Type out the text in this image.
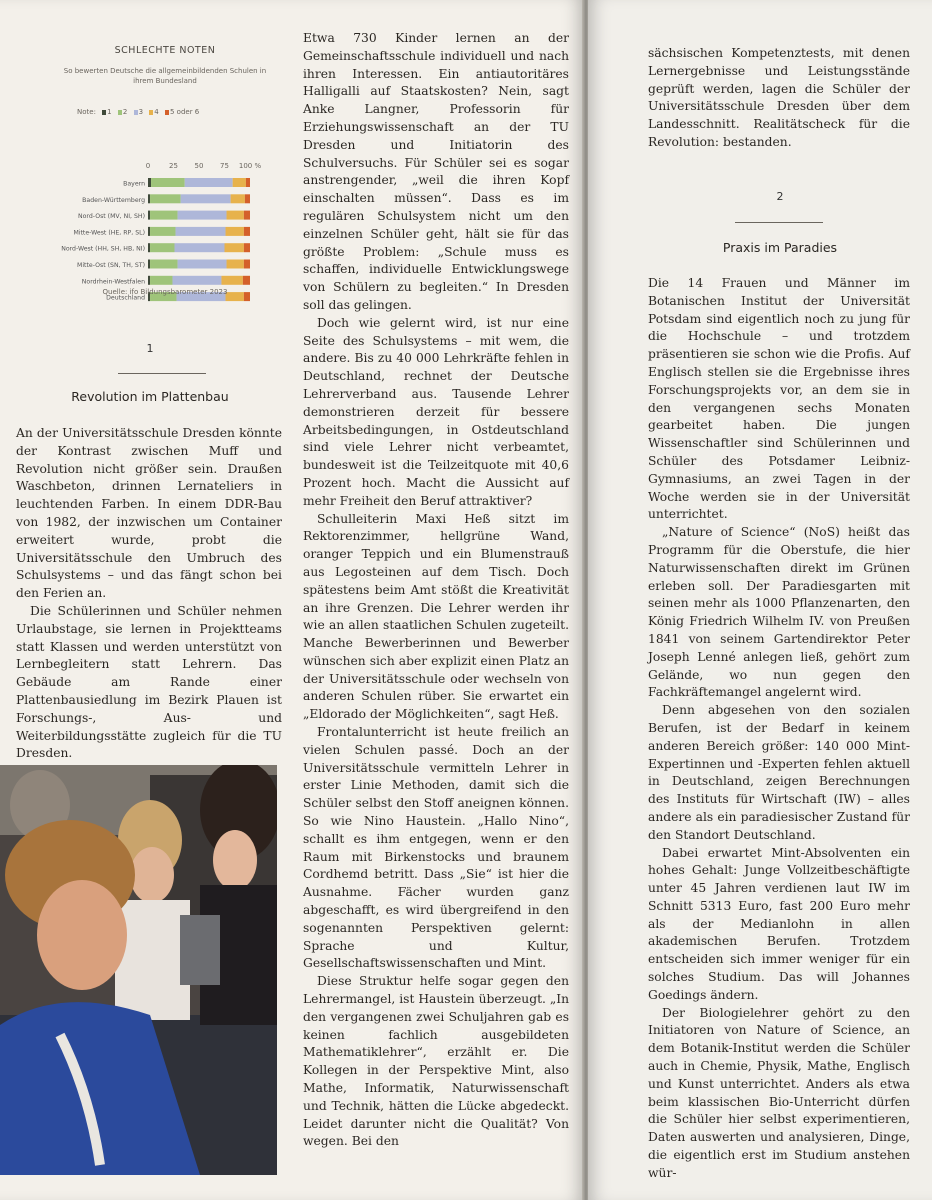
SCHLECHTE NOTEN
So bewerten Deutsche die allgemeinbildenden Schulen in ihrem Bundesland
Note: 1 2 3 4 5 oder 6
0	25 50 75 100 %
Bayern
Baden-Württemberg
Nord-Ost (MV, NI, SH)
Mitte-West (HE, RP, SL)
Nord-West (HH, SH, HB, NI)
Mitte-Ost (SN, TH, ST)
Nordrhein-Westfalen
Deutschland
Quelle: ifo Bildungsbarometer 2023
1
Revolution im Plattenbau

An der Universitätsschule Dresden könnte der Kontrast zwischen Muff und Revolution nicht größer sein. Draußen Waschbeton, drinnen Lernateliers in leuchtenden Farben. In einem DDR-Bau von 1982, der inzwischen um Container erweitert wurde, probt die Universitätsschule den Umbruch des Schulsystems – und das fängt schon bei den Ferien an.

Die Schülerinnen und Schüler nehmen Urlaubstage, sie lernen in Projektteams statt Klassen und werden unterstützt von Lernbegleitern statt Lehrern. Das Gebäude am Rande einer Plattenbausiedlung im Bezirk Plauen ist Forschungs-, Aus- und Weiterbildungsstätte zugleich für die TU Dresden.

Etwa 730 Kinder lernen an der Gemeinschaftsschule individuell und nach ihren Interessen. Ein antiautoritäres Halligalli auf Staatskosten? Nein, sagt Anke Langner, Professorin für Erziehungswissenschaft an der TU Dresden und Initiatorin des Schulversuchs. Für Schüler sei es sogar anstrengender, „weil die ihren Kopf einschalten müssen“. Dass es im regulären Schulsystem nicht um den einzelnen Schüler geht, hält sie für das größte Problem: „Schule muss es schaffen, individuelle Entwicklungswege von Schülern zu begleiten.“ In Dresden soll das gelingen.

Doch wie gelernt wird, ist nur eine Seite des Schulsystems – mit wem, die andere. Bis zu 40 000 Lehrkräfte fehlen in Deutschland, rechnet der Deutsche Lehrerverband aus. Tausende Lehrer demonstrieren derzeit für bessere Arbeitsbedingungen, in Ostdeutschland sind viele Lehrer nicht verbeamtet, bundesweit ist die Teilzeitquote mit 40,6 Prozent hoch. Macht die Aussicht auf mehr Freiheit den Beruf attraktiver?

Schulleiterin Maxi Heß sitzt im Rektorenzimmer, hellgrüne Wand, oranger Teppich und ein Blumenstrauß aus Legosteinen auf dem Tisch. Doch spätestens beim Amt stößt die Kreativität an ihre Grenzen. Die Lehrer werden ihr wie an allen staatlichen Schulen zugeteilt. Manche Bewerberinnen und Bewerber wünschen sich aber explizit einen Platz an der Universitätsschule oder wechseln von anderen Schulen rüber. Sie erwartet ein „Eldorado der Möglichkeiten“, sagt Heß.

Frontalunterricht ist heute freilich an vielen Schulen passé. Doch an der Universitätsschule vermitteln Lehrer in erster Linie Methoden, damit sich die Schüler selbst den Stoff aneignen können. So wie Nino Haustein. „Hallo Nino“, schallt es ihm entgegen, wenn er den Raum mit Birkenstocks und braunem Cordhemd betritt. Dass „Sie“ ist hier die Ausnahme. Fächer wurden ganz abgeschafft, es wird übergreifend in den sogenannten Perspektiven gelernt: Sprache und Kultur, Gesellschaftswissenschaften und Mint.

Diese Struktur helfe sogar gegen den Lehrermangel, ist Haustein überzeugt. „In den vergangenen zwei Schuljahren gab es keinen fachlich ausgebildeten Mathematiklehrer“, erzählt er. Die Kollegen in der Perspektive Mint, also Mathe, Informatik, Naturwissenschaft und Technik, hätten die Lücke abgedeckt. Leidet darunter nicht die Qualität? Von wegen. Bei den

sächsischen Kompetenztests, mit denen Lernergebnisse und Leistungsstände geprüft werden, lagen die Schüler der Universitätsschule Dresden über dem Landesschnitt. Realitätscheck für die Revolution: bestanden.

2
Praxis im Paradies

Die 14 Frauen und Männer im Botanischen Institut der Universität Potsdam sind eigentlich noch zu jung für die Hochschule – und trotzdem präsentieren sie schon wie die Profis. Auf Englisch stellen sie die Ergebnisse ihres Forschungsprojekts vor, an dem sie in den vergangenen sechs Monaten gearbeitet haben. Die jungen Wissenschaftler sind Schülerinnen und Schüler des Potsdamer Leibniz-Gymnasiums, an zwei Tagen in der Woche werden sie in der Universität unterrichtet.

„Nature of Science“ (NoS) heißt das Programm für die Oberstufe, die hier Naturwissenschaften direkt im Grünen erleben soll. Der Paradiesgarten mit seinen mehr als 1000 Pflanzenarten, den König Friedrich Wilhelm IV. von Preußen 1841 von seinem Gartendirektor Peter Joseph Lenné anlegen ließ, gehört zum Gelände, wo nun gegen den Fachkräftemangel angelernt wird.

Denn abgesehen von den sozialen Berufen, ist der Bedarf in keinem anderen Bereich größer: 140 000 Mint-Expertinnen und -Experten fehlen aktuell in Deutschland, zeigen Berechnungen des Instituts für Wirtschaft (IW) – alles andere als ein paradiesischer Zustand für den Standort Deutschland.

Dabei erwartet Mint-Absolventen ein hohes Gehalt: Junge Vollzeitbeschäftigte unter 45 Jahren verdienen laut IW im Schnitt 5313 Euro, fast 200 Euro mehr als der Medianlohn in allen akademischen Berufen. Trotzdem entscheiden sich immer weniger für ein solches Studium. Das will Johannes Goedings ändern.

Der Biologielehrer gehört zu den Initiatoren von Nature of Science, an dem Botanik-Institut werden die Schüler auch in Chemie, Physik, Mathe, Englisch und Kunst unterrichtet. Anders als etwa beim klassischen Bio-Unterricht dürfen die Schüler hier selbst experimentieren, Daten auswerten und analysieren, Dinge, die eigentlich erst im Studium anstehen wür-
